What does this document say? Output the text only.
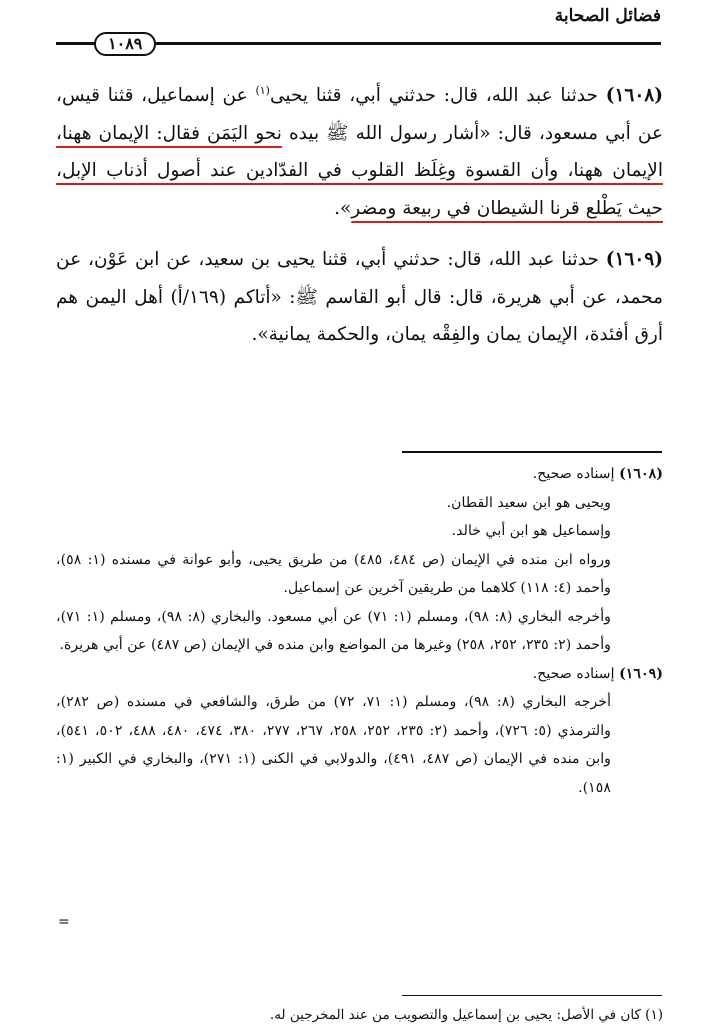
فضائل الصحابة
١٠٨٩

(١٦٠٨) حدثنا عبد الله، قال: حدثني أبي، قثنا يحيى$^{(١)}$ عن إسماعيل، قثنا قيس، عن أبي مسعود، قال: «أشار رسول الله ﷺ بيده نحو اليَمَن فقال: الإيمان ههنا، الإيمان ههنا، وأن القسوة وغِلَظ القلوب في الفدّادين عند أصول أذناب الإبل، حيث يَطْلع قرنا الشيطان في ربيعة ومضر».

(١٦٠٩) حدثنا عبد الله، قال: حدثني أبي، قثنا يحيى بن سعيد، عن ابن عَوْن، عن محمد، عن أبي هريرة، قال: قال أبو القاسم ﷺ: «أتاكم (١٦٩/أ) أهل اليمن هم أرق أفئدة، الإيمان يمان والفِقْه يمان، والحكمة يمانية».

(١٦٠٨) إسناده صحيح.

ويحيى هو ابن سعيد القطان.

وإسماعيل هو ابن أبي خالد.

ورواه ابن منده في الإيمان (ص ٤٨٤، ٤٨٥) من طريق يحيى، وأبو عوانة في مسنده (١: ٥٨)، وأحمد (٤: ١١٨) كلاهما من طريقين آخرين عن إسماعيل.

وأخرجه البخاري (٨: ٩٨)، ومسلم (١: ٧١) عن أبي مسعود. والبخاري (٨: ٩٨)، ومسلم (١: ٧١)، وأحمد (٢: ٢٣٥، ٢٥٢، ٢٥٨) وغيرها من المواضع وابن منده في الإيمان (ص ٤٨٧) عن أبي هريرة.

(١٦٠٩) إسناده صحيح.

أخرجه البخاري (٨: ٩٨)، ومسلم (١: ٧١، ٧٢) من طرق، والشافعي في مسنده (ص ٢٨٢)، والترمذي (٥: ٧٢٦)، وأحمد (٢: ٢٣٥، ٢٥٢، ٢٥٨، ٢٦٧، ٢٧٧، ٣٨٠، ٤٧٤، ٤٨٠، ٤٨٨، ٥٠٢، ٥٤١)، وابن منده في الإيمان (ص ٤٨٧، ٤٩١)، والدولابي في الكنى (١: ٢٧١)، والبخاري في الكبير (١: ١٥٨).

=

(١) كان في الأصل: يحيى بن إسماعيل والتصويب من عند المخرجين له.
